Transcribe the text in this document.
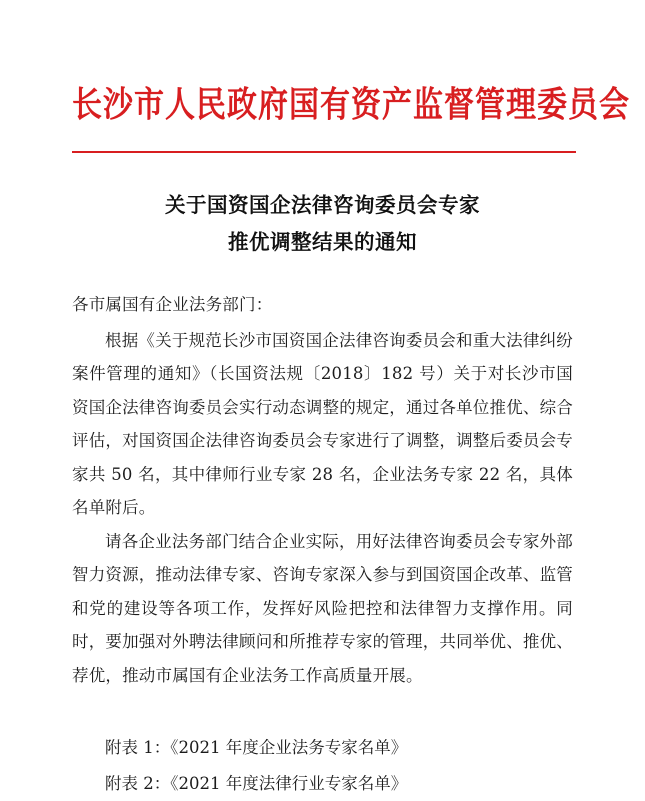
长沙市人民政府国有资产监督管理委员会
关于国资国企法律咨询委员会专家
推优调整结果的通知

各市属国有企业法务部门：

根据《关于规范长沙市国资国企法律咨询委员会和重大法律纠纷案件管理的通知》（长国资法规〔2018〕182 号）关于对长沙市国资国企法律咨询委员会实行动态调整的规定，通过各单位推优、综合评估，对国资国企法律咨询委员会专家进行了调整，调整后委员会专家共 50 名，其中律师行业专家 28 名，企业法务专家 22 名，具体名单附后。

请各企业法务部门结合企业实际，用好法律咨询委员会专家外部智力资源，推动法律专家、咨询专家深入参与到国资国企改革、监管和党的建设等各项工作，发挥好风险把控和法律智力支撑作用。同时，要加强对外聘法律顾问和所推荐专家的管理，共同举优、推优、荐优，推动市属国有企业法务工作高质量开展。

附表 1：《2021 年度企业法务专家名单》

附表 2：《2021 年度法律行业专家名单》
